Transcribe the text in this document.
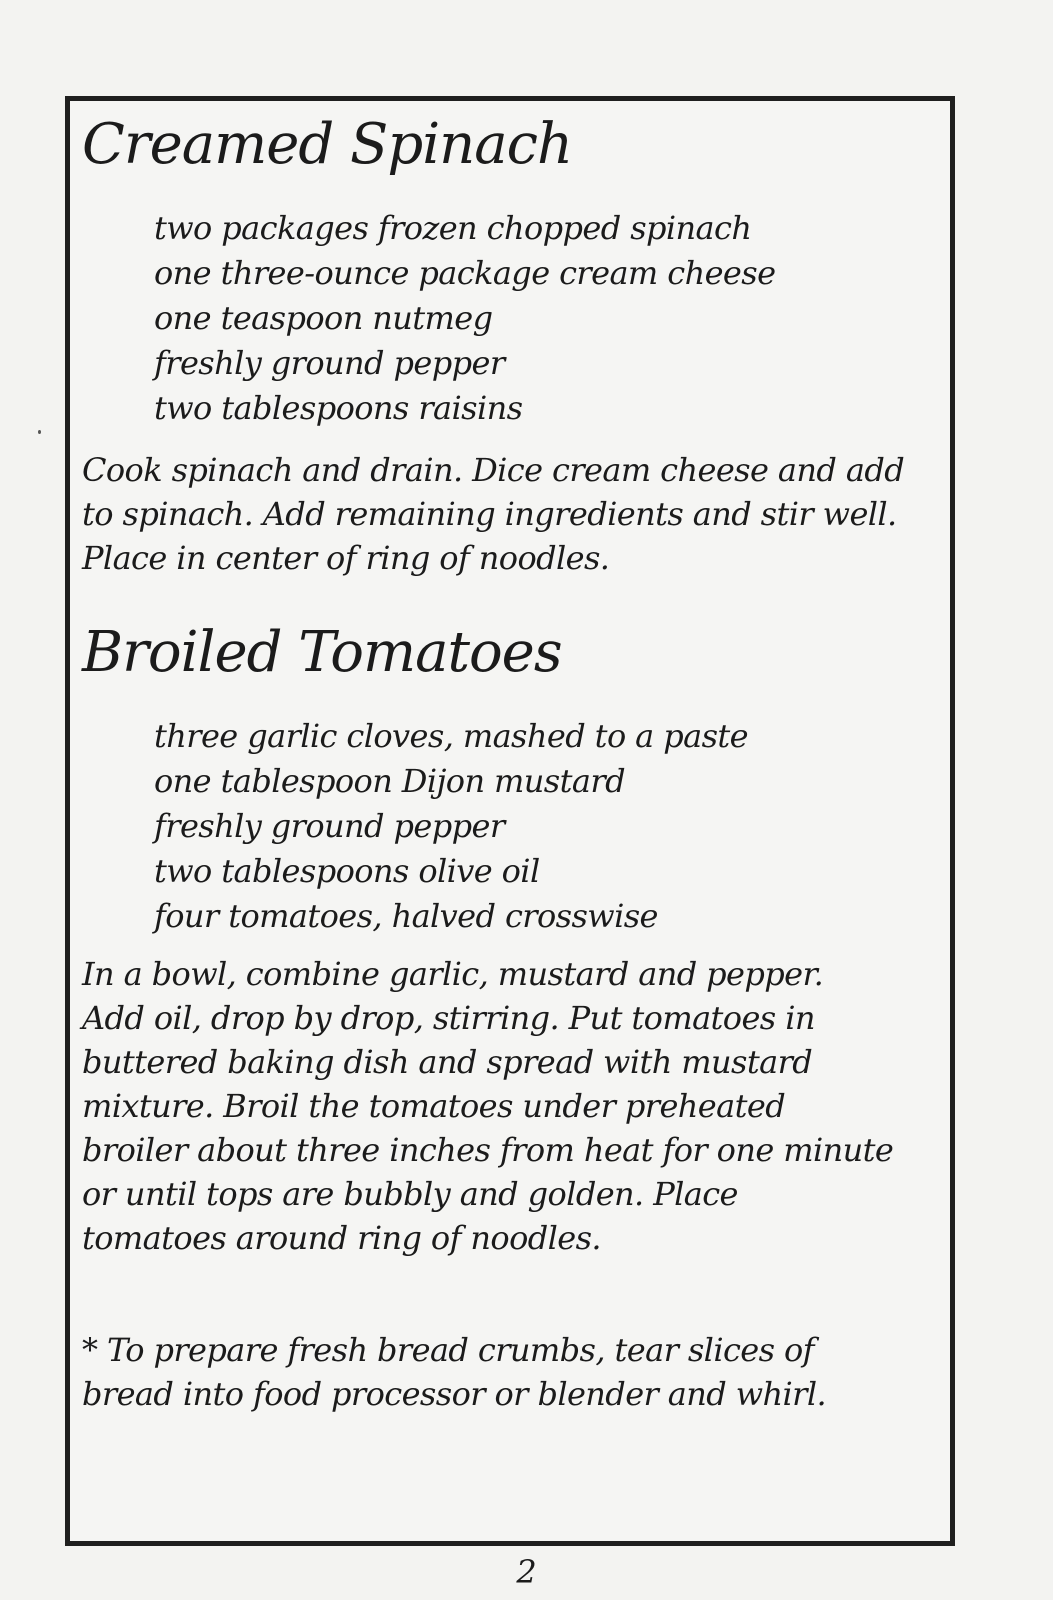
Creamed Spinach
two packages frozen chopped spinach
one three-ounce package cream cheese
one teaspoon nutmeg
freshly ground pepper
two tablespoons raisins

Cook spinach and drain. Dice cream cheese and add
to spinach. Add remaining ingredients and stir well.
Place in center of ring of noodles.

Broiled Tomatoes
three garlic cloves, mashed to a paste
one tablespoon Dijon mustard
freshly ground pepper
two tablespoons olive oil
four tomatoes, halved crosswise

In a bowl, combine garlic, mustard and pepper.
Add oil, drop by drop, stirring. Put tomatoes in
buttered baking dish and spread with mustard
mixture. Broil the tomatoes under preheated
broiler about three inches from heat for one minute
or until tops are bubbly and golden. Place
tomatoes around ring of noodles.

* To prepare fresh bread crumbs, tear slices of
bread into food processor or blender and whirl.

2
